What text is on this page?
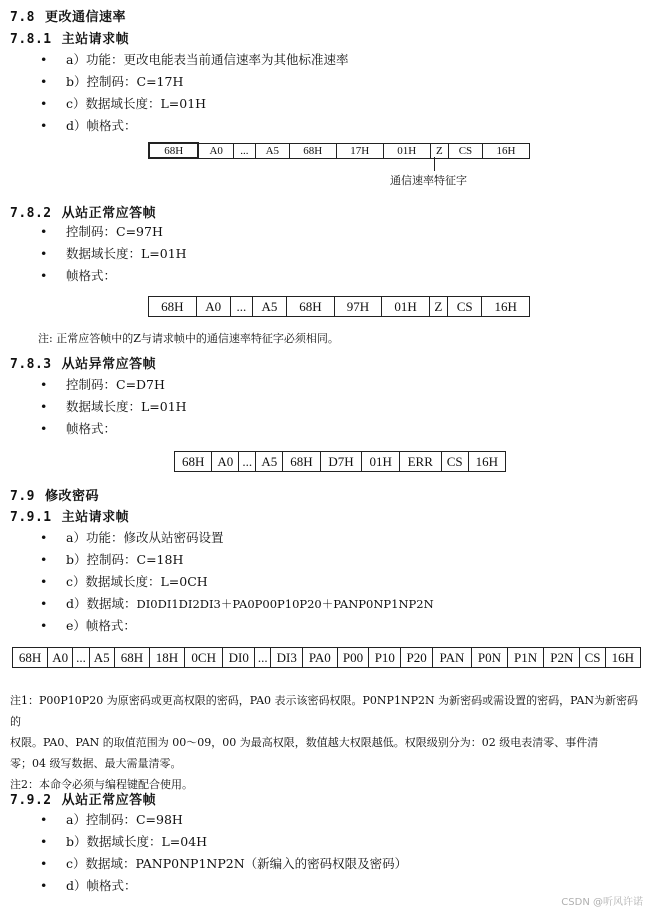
7.8 更改通信速率
7.8.1 主站请求帧
• a）功能：更改电能表当前通信速率为其他标准速率
• b）控制码：C=17H
• c）数据域长度：L=01H
• d）帧格式：
68H	A0	...	A5	68H	17H	01H	Z	CS	16H
通信速率特征字
7.8.2 从站正常应答帧
• 控制码：C=97H
• 数据域长度：L=01H
• 帧格式：
68H	A0	...	A5	68H	97H	01H	Z	CS	16H
注: 正常应答帧中的Z与请求帧中的通信速率特征字必须相同。
7.8.3 从站异常应答帧
• 控制码：C=D7H
• 数据域长度：L=01H
• 帧格式：
68H	A0	...	A5	68H	D7H	01H	ERR	CS	16H
7.9 修改密码
7.9.1 主站请求帧
• a）功能：修改从站密码设置
• b）控制码：C=18H
• c）数据域长度：L=0CH
• d）数据域：DI0DI1DI2DI3＋PA0P00P10P20＋PANP0NP1NP2N
• e）帧格式：
68H	A0	...	A5	68H	18H	0CH	DI0	...	DI3	PA0	P00	P10	P20	PAN	P0N	P1N	P2N	CS	16H
注1：P00P10P20 为原密码或更高权限的密码，PA0 表示该密码权限。P0NP1NP2N 为新密码或需设置的密码，PAN为新密码的
权限。PA0、PAN 的取值范围为 00～09，00 为最高权限，数值越大权限越低。权限级别分为：02 级电表清零、事件清
零；04 级写数据、最大需量清零。
注2：本命令必须与编程键配合使用。
7.9.2 从站正常应答帧
• a）控制码：C=98H
• b）数据域长度：L=04H
• c）数据域：PANP0NP1NP2N（新编入的密码权限及密码）
• d）帧格式：
CSDN @听风许诺
